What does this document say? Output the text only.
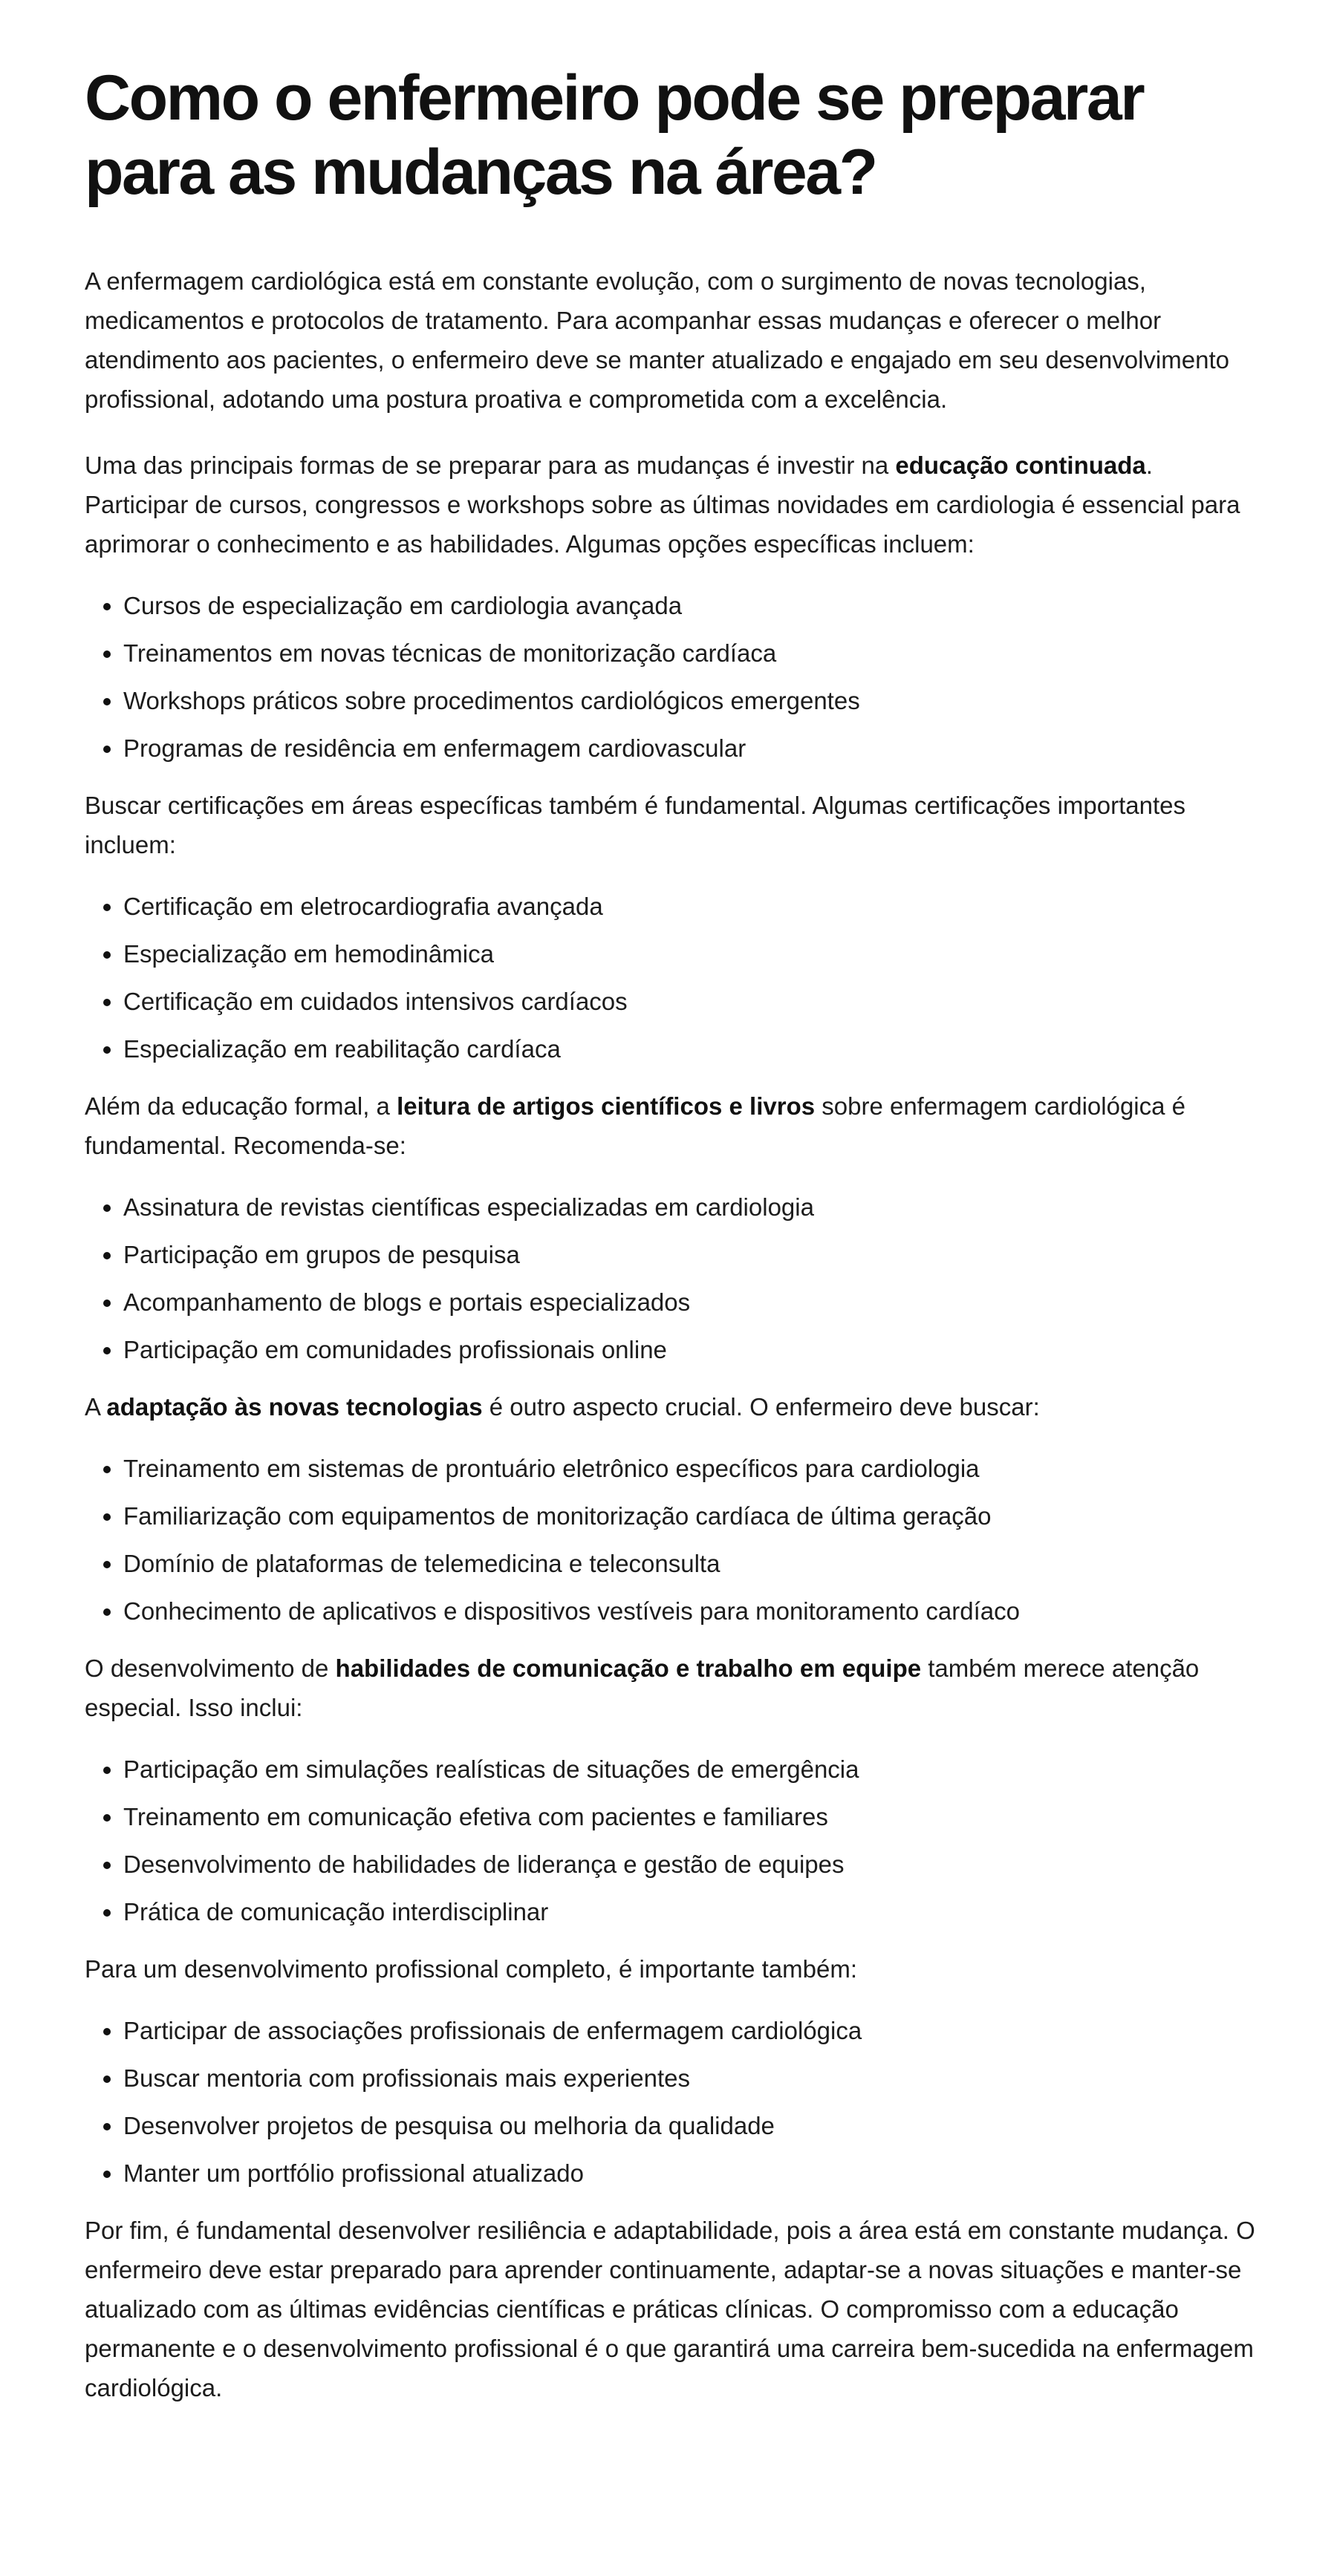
Como o enfermeiro pode se preparar para as mudanças na área?

A enfermagem cardiológica está em constante evolução, com o surgimento de novas tecnologias, medicamentos e protocolos de tratamento. Para acompanhar essas mudanças e oferecer o melhor atendimento aos pacientes, o enfermeiro deve se manter atualizado e engajado em seu desenvolvimento profissional, adotando uma postura proativa e comprometida com a excelência.

Uma das principais formas de se preparar para as mudanças é investir na educação continuada. Participar de cursos, congressos e workshops sobre as últimas novidades em cardiologia é essencial para aprimorar o conhecimento e as habilidades. Algumas opções específicas incluem:

• Cursos de especialização em cardiologia avançada
• Treinamentos em novas técnicas de monitorização cardíaca
• Workshops práticos sobre procedimentos cardiológicos emergentes
• Programas de residência em enfermagem cardiovascular

Buscar certificações em áreas específicas também é fundamental. Algumas certificações importantes incluem:

• Certificação em eletrocardiografia avançada
• Especialização em hemodinâmica
• Certificação em cuidados intensivos cardíacos
• Especialização em reabilitação cardíaca

Além da educação formal, a leitura de artigos científicos e livros sobre enfermagem cardiológica é fundamental. Recomenda-se:

• Assinatura de revistas científicas especializadas em cardiologia
• Participação em grupos de pesquisa
• Acompanhamento de blogs e portais especializados
• Participação em comunidades profissionais online

A adaptação às novas tecnologias é outro aspecto crucial. O enfermeiro deve buscar:

• Treinamento em sistemas de prontuário eletrônico específicos para cardiologia
• Familiarização com equipamentos de monitorização cardíaca de última geração
• Domínio de plataformas de telemedicina e teleconsulta
• Conhecimento de aplicativos e dispositivos vestíveis para monitoramento cardíaco

O desenvolvimento de habilidades de comunicação e trabalho em equipe também merece atenção especial. Isso inclui:

• Participação em simulações realísticas de situações de emergência
• Treinamento em comunicação efetiva com pacientes e familiares
• Desenvolvimento de habilidades de liderança e gestão de equipes
• Prática de comunicação interdisciplinar

Para um desenvolvimento profissional completo, é importante também:

• Participar de associações profissionais de enfermagem cardiológica
• Buscar mentoria com profissionais mais experientes
• Desenvolver projetos de pesquisa ou melhoria da qualidade
• Manter um portfólio profissional atualizado

Por fim, é fundamental desenvolver resiliência e adaptabilidade, pois a área está em constante mudança. O enfermeiro deve estar preparado para aprender continuamente, adaptar-se a novas situações e manter-se atualizado com as últimas evidências científicas e práticas clínicas. O compromisso com a educação permanente e o desenvolvimento profissional é o que garantirá uma carreira bem-sucedida na enfermagem cardiológica.
